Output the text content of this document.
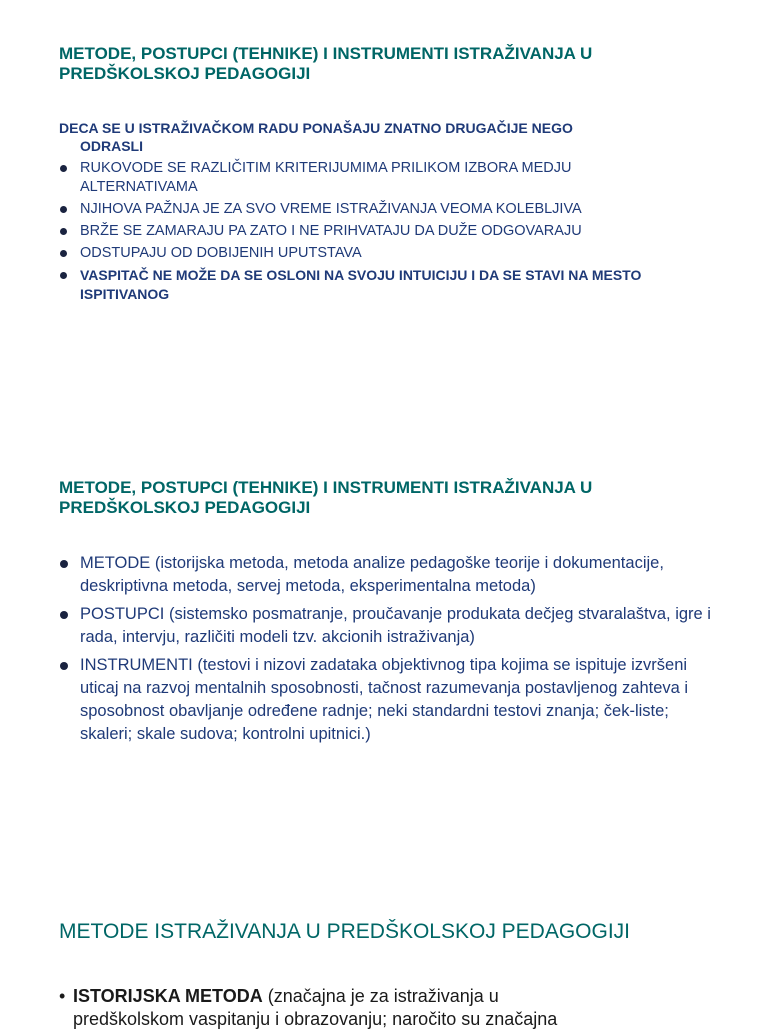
METODE, POSTUPCI (TEHNIKE) I INSTRUMENTI ISTRAŽIVANJA U
PREDŠKOLSKOJ PEDAGOGIJI
DECA SE U ISTRAŽIVAČKOM RADU PONAŠAJU ZNATNO DRUGAČIJE NEGO
ODRASLI
RUKOVODE SE RAZLIČITIM KRITERIJUMIMA PRILIKOM IZBORA MEDJU ALTERNATIVAMA
NJIHOVA PAŽNJA JE ZA SVO VREME ISTRAŽIVANJA VEOMA KOLEBLJIVA
BRŽE SE ZAMARAJU PA ZATO I NE PRIHVATAJU DA DUŽE ODGOVARAJU
ODSTUPAJU OD DOBIJENIH UPUTSTAVA
VASPITAČ NE MOŽE DA SE OSLONI NA SVOJU INTUICIJU I DA SE STAVI NA MESTO ISPITIVANOG
METODE, POSTUPCI (TEHNIKE) I INSTRUMENTI ISTRAŽIVANJA U
PREDŠKOLSKOJ PEDAGOGIJI
METODE (istorijska metoda, metoda analize pedagoške teorije i dokumentacije, deskriptivna metoda, servej metoda, eksperimentalna metoda)
POSTUPCI (sistemsko posmatranje, proučavanje produkata dečjeg stvaralaštva, igre i rada, intervju, različiti modeli tzv. akcionih istraživanja)
INSTRUMENTI (testovi i nizovi zadataka objektivnog tipa kojima se ispituje izvršeni uticaj na razvoj mentalnih sposobnosti, tačnost razumevanja postavljenog zahteva i sposobnost obavljanje određene radnje; neki standardni testovi znanja; ček-liste; skaleri; skale sudova; kontrolni upitnici.)
METODE ISTRAŽIVANJA U PREDŠKOLSKOJ PEDAGOGIJI
• ISTORIJSKA METODA (značajna je za istraživanja u
predškolskom vaspitanju i obrazovanju; naročito su značajna
